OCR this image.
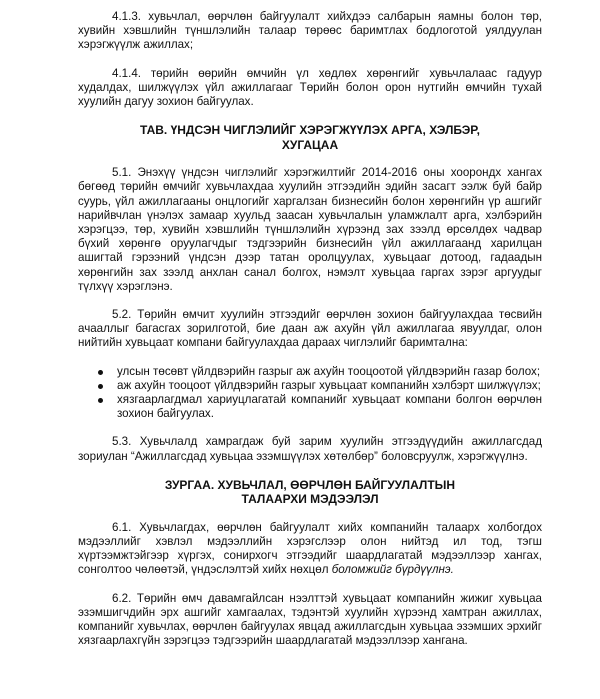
4.1.3. хувьчлал, өөрчлөн байгуулалт хийхдээ салбарын яамны болон төр, хувийн хэвшлийн түншлэлийн талаар төрөөс баримтлах бодлоготой уялдуулан хэрэгжүүлж ажиллах;

4.1.4. төрийн өөрийн өмчийн үл хөдлөх хөрөнгийг хувьчлалаас гадуур худалдах, шилжүүлэх үйл ажиллагааг Төрийн болон орон нутгийн өмчийн тухай хуулийн дагуу зохион байгуулах.

ТАВ. ҮНДСЭН ЧИГЛЭЛИЙГ ХЭРЭГЖҮҮЛЭХ АРГА, ХЭЛБЭР,
ХУГАЦАА

5.1. Энэхүү үндсэн чиглэлийг хэрэгжилтийг 2014-2016 оны хоорондх хангах бөгөөд төрийн өмчийг хувьчлахдаа хуулийн этгээдийн эдийн засагт ээлж буй байр суурь, үйл ажиллагааны онцлогийг харгалзан бизнесийн болон хөрөнгийн үр ашгийг нарийвчлан үнэлэх замаар хуульд заасан хувьчлалын уламжлалт арга, хэлбэрийн хэрэгцээ, төр, хувийн хэвшлийн түншлэлийн хүрээнд зах зээлд өрсөлдөх чадвар бүхий хөрөнгө оруулагчдыг тэдгээрийн бизнесийн үйл ажиллагаанд харилцан ашигтай гэрээний үндсэн дээр татан оролцуулах, хувьцааг дотоод, гадаадын хөрөнгийн зах зээлд анхлан санал болгох, нэмэлт хувьцаа гаргах зэрэг аргуудыг түлхүү хэрэглэнэ.

5.2. Төрийн өмчит хуулийн этгээдийг өөрчлөн зохион байгуулахдаа төсвийн ачааллыг багасгах зорилготой, бие даан аж ахуйн үйл ажиллагаа явуулдаг, олон нийтийн хувьцаат компани байгуулахдаа дараах чиглэлийг баримтална:

улсын төсөвт үйлдвэрийн газрыг аж ахуйн тооцоотой үйлдвэрийн газар болох;
аж ахуйн тооцоот үйлдвэрийн газрыг хувьцаат компанийн хэлбэрт шилжүүлэх;
хязгаарлагдмал хариуцлагатай компанийг хувьцаат компани болгон өөрчлөн зохион байгуулах.

5.3. Хувьчлалд хамрагдаж буй зарим хуулийн этгээдүүдийн ажиллагсдад зориулан “Ажиллагсдад хувьцаа эзэмшүүлэх хөтөлбөр” боловсруулж, хэрэгжүүлнэ.

ЗУРГАА. ХУВЬЧЛАЛ, ӨӨРЧЛӨН БАЙГУУЛАЛТЫН
ТАЛААРХИ МЭДЭЭЛЭЛ

6.1. Хувьчлагдах, өөрчлөн байгуулалт хийх компанийн талаарх холбогдох мэдээллийг хэвлэл мэдээллийн хэрэгслээр олон нийтэд ил тод, тэгш хүртээмжтэйгээр хүргэх, сонирхогч этгээдийг шаардлагатай мэдээллээр хангах, сонголтоо чөлөөтэй, үндэслэлтэй хийх нөхцөл боломжийг бүрдүүлнэ.

6.2. Төрийн өмч давамгайлсан нээлттэй хувьцаат компанийн жижиг хувьцаа эзэмшигчдийн эрх ашгийг хамгаалах, тэдэнтэй хуулийн хүрээнд хамтран ажиллах, компанийг хувьчлах, өөрчлөн байгуулах явцад ажиллагсдын хувьцаа эзэмших эрхийг хязгаарлахгүйн зэрэгцээ тэдгээрийн шаардлагатай мэдээллээр хангана.
